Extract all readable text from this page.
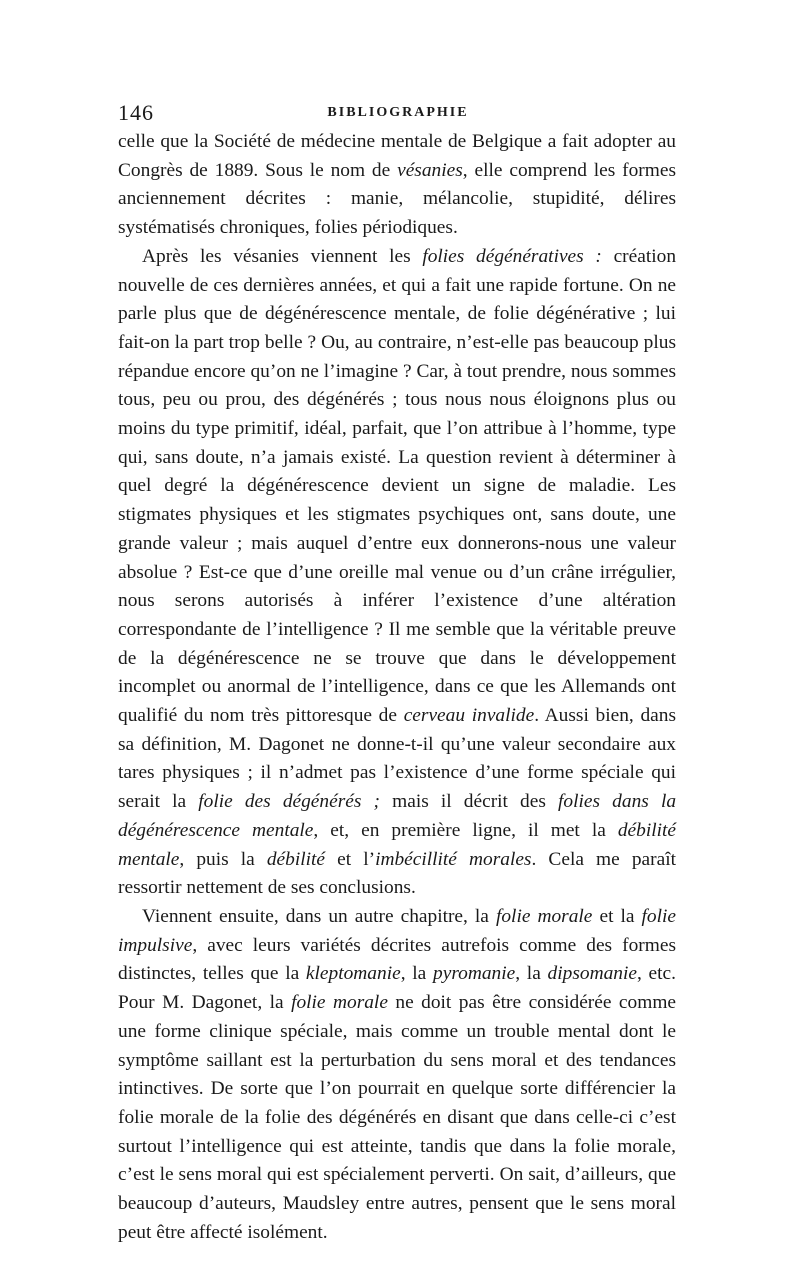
146	BIBLIOGRAPHIE

celle que la Société de médecine mentale de Belgique a fait adopter au Congrès de 1889. Sous le nom de vésanies, elle comprend les formes anciennement décrites : manie, mélancolie, stupidité, délires systématisés chroniques, folies périodiques.

Après les vésanies viennent les folies dégénératives : création nouvelle de ces dernières années, et qui a fait une rapide fortune. On ne parle plus que de dégénérescence mentale, de folie dégénérative ; lui fait-on la part trop belle ? Ou, au contraire, n’est-elle pas beaucoup plus répandue encore qu’on ne l’imagine ? Car, à tout prendre, nous sommes tous, peu ou prou, des dégénérés ; tous nous nous éloignons plus ou moins du type primitif, idéal, parfait, que l’on attribue à l’homme, type qui, sans doute, n’a jamais existé. La question revient à déterminer à quel degré la dégénérescence devient un signe de maladie. Les stigmates physiques et les stigmates psychiques ont, sans doute, une grande valeur ; mais auquel d’entre eux donnerons-nous une valeur absolue ? Est-ce que d’une oreille mal venue ou d’un crâne irrégulier, nous serons autorisés à inférer l’existence d’une altération correspondante de l’intelligence ? Il me semble que la véritable preuve de la dégénérescence ne se trouve que dans le développement incomplet ou anormal de l’intelligence, dans ce que les Allemands ont qualifié du nom très pittoresque de cerveau invalide. Aussi bien, dans sa définition, M. Dagonet ne donne-t-il qu’une valeur secondaire aux tares physiques ; il n’admet pas l’existence d’une forme spéciale qui serait la folie des dégénérés ; mais il décrit des folies dans la dégénérescence mentale, et, en première ligne, il met la débilité mentale, puis la débilité et l’imbécillité morales. Cela me paraît ressortir nettement de ses conclusions.

Viennent ensuite, dans un autre chapitre, la folie morale et la folie impulsive, avec leurs variétés décrites autrefois comme des formes distinctes, telles que la kleptomanie, la pyromanie, la dipsomanie, etc. Pour M. Dagonet, la folie morale ne doit pas être considérée comme une forme clinique spéciale, mais comme un trouble mental dont le symptôme saillant est la perturbation du sens moral et des tendances intinctives. De sorte que l’on pourrait en quelque sorte différencier la folie morale de la folie des dégénérés en disant que dans celle-ci c’est surtout l’intelligence qui est atteinte, tandis que dans la folie morale, c’est le sens moral qui est spécialement perverti. On sait, d’ailleurs, que beaucoup d’auteurs, Maudsley entre autres, pensent que le sens moral peut être affecté isolément.
